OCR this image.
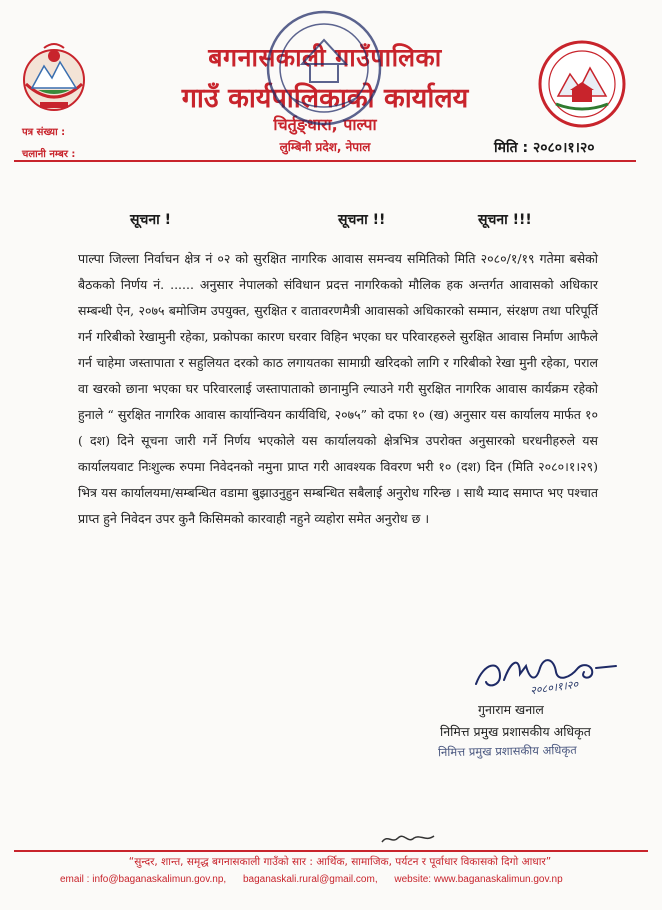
बगनासकाली गाउँपालिका
गाउँ कार्यपालिकाको कार्यालय
चिर्तुङ्धारा, पाल्पा
लुम्बिनी प्रदेश, नेपाल
पत्र संख्या :
चलानी नम्बर :	मिति : २०८०।१।२०
सूचना !	सूचना !!	सूचना !!!
पाल्पा जिल्ला निर्वाचन क्षेत्र नं ०२ को सुरक्षित नागरिक आवास समन्वय समितिको मिति २०८०/१/१९ गतेमा बसेको बैठकको निर्णय नं. ...... अनुसार नेपालको संविधान प्रदत्त नागरिकको मौलिक हक अन्तर्गत आवासको अधिकार सम्बन्धी ऐन, २०७५ बमोजिम उपयुक्त, सुरक्षित र वातावरणमैत्री आवासको अधिकारको सम्मान, संरक्षण तथा परिपूर्ति गर्न गरिबीको रेखामुनी रहेका, प्रकोपका कारण घरवार विहिन भएका घर परिवारहरुले सुरक्षित आवास निर्माण आफैले गर्न चाहेमा जस्तापाता र सहुलियत दरको काठ लगायतका सामाग्री खरिदको लागि र गरिबीको रेखा मुनी रहेका, पराल वा खरको छाना भएका घर परिवारलाई जस्तापाताको छानामुनि ल्याउने गरी सुरक्षित नागरिक आवास कार्यक्रम रहेको हुनाले “ सुरक्षित नागरिक आवास कार्यान्वियन कार्यविधि, २०७५” को दफा १० (ख) अनुसार यस कार्यालय मार्फत १० ( दश) दिने सूचना जारी गर्ने निर्णय भएकोले यस कार्यालयको क्षेत्रभित्र उपरोक्त अनुसारको घरधनीहरुले यस कार्यालयवाट निःशुल्क रुपमा निवेदनको नमुना प्राप्त गरी आवश्यक विवरण भरी १० (दश) दिन (मिति २०८०।१।२९) भित्र यस कार्यालयमा/सम्बन्धित वडामा बुझाउनुहुन सम्बन्धित सबैलाई अनुरोध गरिन्छ । साथै म्याद समाप्त भए पश्चात प्राप्त हुने निवेदन उपर कुनै किसिमको कारवाही नहुने व्यहोरा समेत अनुरोध छ ।
२०८०।१।२०
गुनाराम खनाल
निमित्त प्रमुख प्रशासकीय अधिकृत
निमित्त प्रमुख प्रशासकीय अधिकृत
“सुन्दर, शान्त, समृद्ध बगनासकाली गाउँको सार : आर्थिक, सामाजिक, पर्यटन र पूर्वाधार विकासको दिगो आधार”
email : info@baganaskalimun.gov.np, baganaskali.rural@gmail.com, website: www.baganaskalimun.gov.np
